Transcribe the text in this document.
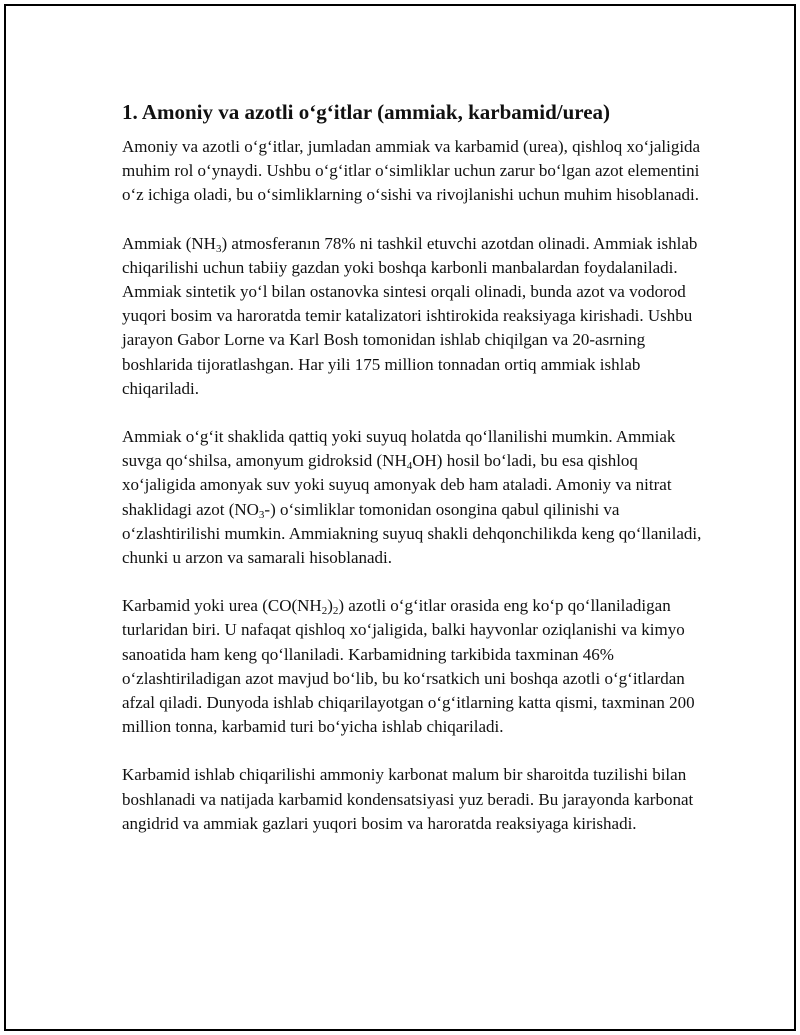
1. Amoniy va azotli o‘g‘itlar (ammiak, karbamid/urea)

Amoniy va azotli o‘g‘itlar, jumladan ammiak va karbamid (urea), qishloq xo‘jaligida muhim rol o‘ynaydi. Ushbu o‘g‘itlar o‘simliklar uchun zarur bo‘lgan azot elementini o‘z ichiga oladi, bu o‘simliklarning o‘sishi va rivojlanishi uchun muhim hisoblanadi.

Ammiak $(NH_3)$ atmosferanın 78% ni tashkil etuvchi azotdan olinadi. Ammiak ishlab chiqarilishi uchun tabiiy gazdan yoki boshqa karbonli manbalardan foydalaniladi. Ammiak sintetik yo‘l bilan ostanovka sintesi orqali olinadi, bunda azot va vodorod yuqori bosim va haroratda temir katalizatori ishtirokida reaksiyaga kirishadi. Ushbu jarayon Gabor Lorne va Karl Bosh tomonidan ishlab chiqilgan va 20-asrning boshlarida tijoratlashgan. Har yili 175 million tonnadan ortiq ammiak ishlab chiqariladi.

Ammiak o‘g‘it shaklida qattiq yoki suyuq holatda qo‘llanilishi mumkin. Ammiak suvga qo‘shilsa, amonyum gidroksid $(NH_4OH)$ hosil bo‘ladi, bu esa qishloq xo‘jaligida amonyak suv yoki suyuq amonyak deb ham ataladi. Amoniy va nitrat shaklidagi azot $(NO_3-)$ o‘simliklar tomonidan osongina qabul qilinishi va o‘zlashtirilishi mumkin. Ammiakning suyuq shakli dehqonchilikda keng qo‘llaniladi, chunki u arzon va samarali hisoblanadi.

Karbamid yoki urea $(CO(NH_2)_2)$ azotli o‘g‘itlar orasida eng ko‘p qo‘llaniladigan turlaridan biri. U nafaqat qishloq xo‘jaligida, balki hayvonlar oziqlanishi va kimyo sanoatida ham keng qo‘llaniladi. Karbamidning tarkibida taxminan 46% o‘zlashtiriladigan azot mavjud bo‘lib, bu ko‘rsatkich uni boshqa azotli o‘g‘itlardan afzal qiladi. Dunyoda ishlab chiqarilayotgan o‘g‘itlarning katta qismi, taxminan 200 million tonna, karbamid turi bo‘yicha ishlab chiqariladi.

Karbamid ishlab chiqarilishi ammoniy karbonat malum bir sharoitda tuzilishi bilan boshlanadi va natijada karbamid kondensatsiyasi yuz beradi. Bu jarayonda karbonat angidrid va ammiak gazlari yuqori bosim va haroratda reaksiyaga kirishadi.
